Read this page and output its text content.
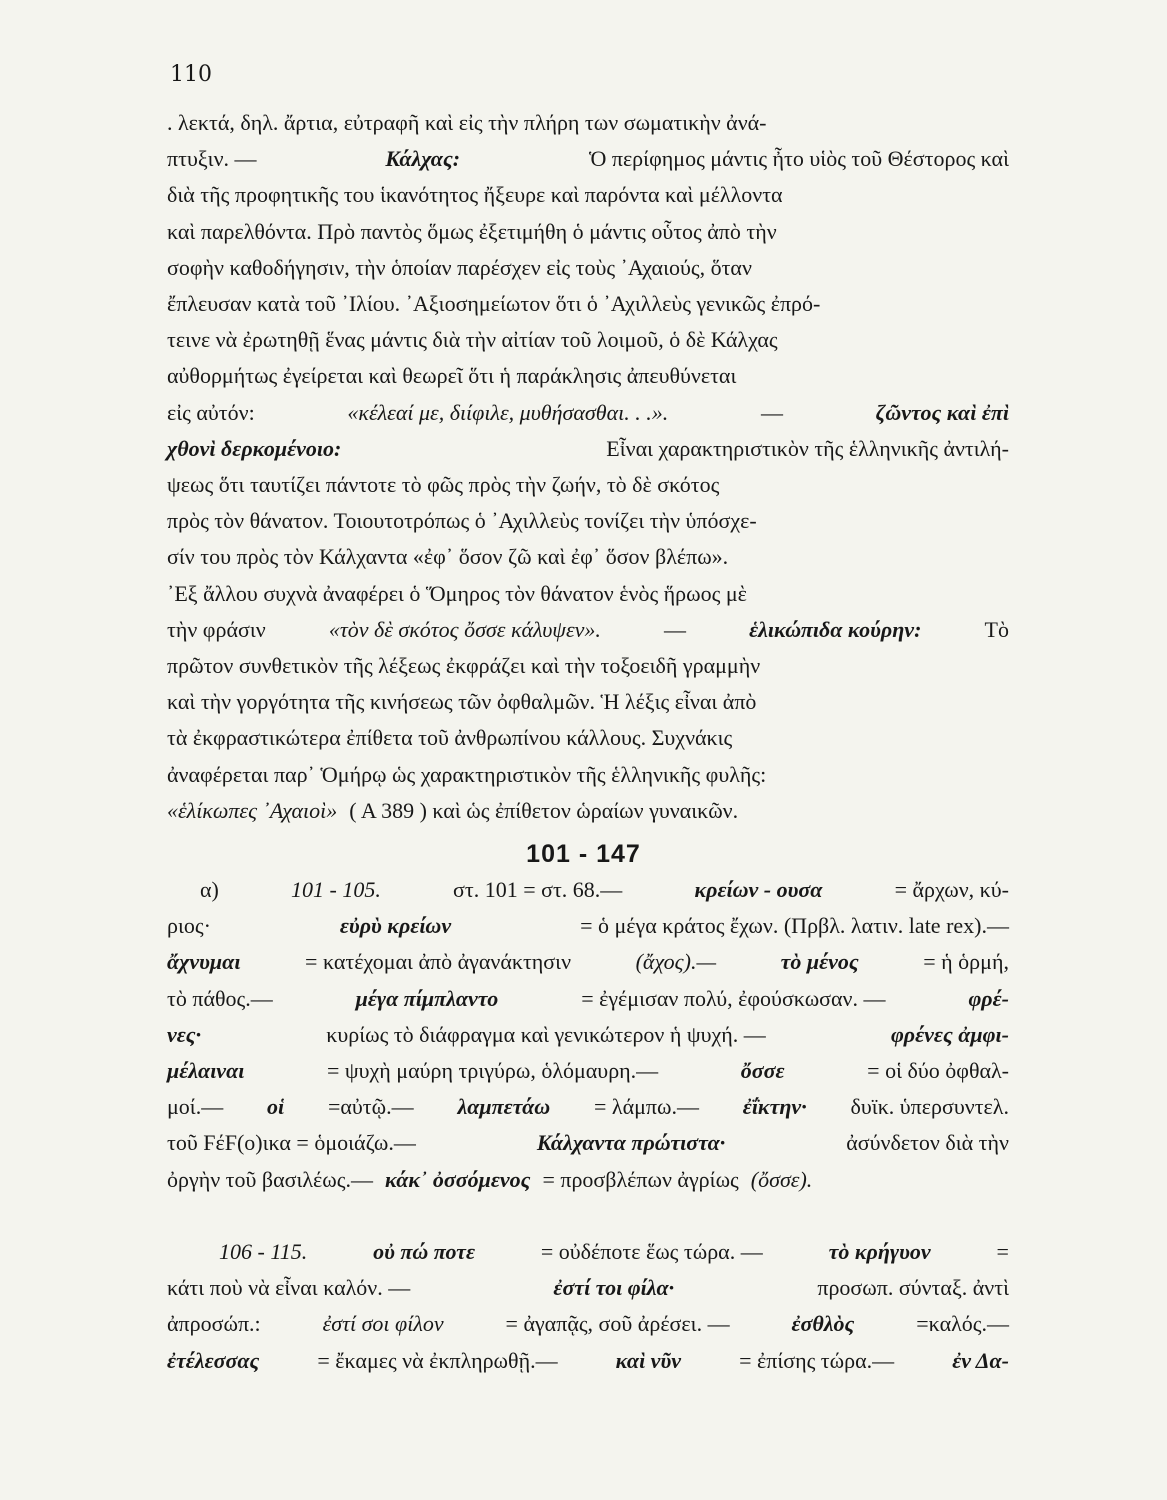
110
. λεκτά, δηλ. ἄρτια, εὐτραφῆ καὶ εἰς τὴν πλήρη των σωματικὴν ἀνά-
πτυξιν. —	Κάλχας:	Ὁ περίφημος μάντις ἦτο υἱὸς τοῦ Θέστορος καὶ
διὰ τῆς προφητικῆς του ἱκανότητος ἤξευρε καὶ παρόντα καὶ μέλλοντα
καὶ παρελθόντα. Πρὸ παντὸς ὅμως ἐξετιμήθη ὁ μάντις οὗτος ἀπὸ τὴν
σοφὴν καθοδήγησιν, τὴν ὁποίαν παρέσχεν εἰς τοὺς ᾿Αχαιούς, ὅταν
ἔπλευσαν κατὰ τοῦ ᾿Ιλίου. ᾿Αξιοσημείωτον ὅτι ὁ ᾿Αχιλλεὺς γενικῶς ἐπρό-
τεινε νὰ ἐρωτηθῇ ἕνας μάντις διὰ τὴν αἰτίαν τοῦ λοιμοῦ, ὁ δὲ Κάλχας
αὐθορμήτως ἐγείρεται καὶ θεωρεῖ ὅτι ἡ παράκλησις ἀπευθύνεται
εἰς αὐτόν:	«κέλεαί με, διίφιλε, μυθήσασθαι. . .».	—	ζῶντος καὶ ἐπὶ
χθονὶ δερκομένοιο:	Εἶναι χαρακτηριστικὸν τῆς ἑλληνικῆς ἀντιλή-
ψεως ὅτι ταυτίζει πάντοτε τὸ φῶς πρὸς τὴν ζωήν, τὸ δὲ σκότος
πρὸς τὸν θάνατον. Τοιουτοτρόπως ὁ ᾿Αχιλλεὺς τονίζει τὴν ὑπόσχε-
σίν του πρὸς τὸν Κάλχαντα «ἐφ᾿ ὅσον ζῶ καὶ ἐφ᾿ ὅσον βλέπω».
᾿Εξ ἄλλου συχνὰ ἀναφέρει ὁ Ὅμηρος τὸν θάνατον ἑνὸς ἥρωος μὲ
τὴν φράσιν	«τὸν δὲ σκότος ὄσσε κάλυψεν».	—	ἑλικώπιδα κούρην:	Τὸ
πρῶτον συνθετικὸν τῆς λέξεως ἐκφράζει καὶ τὴν τοξοειδῆ γραμμὴν
καὶ τὴν γοργότητα τῆς κινήσεως τῶν ὀφθαλμῶν. Ἡ λέξις εἶναι ἀπὸ
τὰ ἐκφραστικώτερα ἐπίθετα τοῦ ἀνθρωπίνου κάλλους. Συχνάκις
ἀναφέρεται παρ᾿ Ὁμήρῳ ὡς χαρακτηριστικὸν τῆς ἑλληνικῆς φυλῆς:
«ἑλίκωπες ᾿Αχαιοὶ» ( Α 389 ) καὶ ὡς ἐπίθετον ὡραίων γυναικῶν.
101 - 147
α)	101 - 105.	στ. 101 = στ. 68.—	κρείων - ουσα	= ἄρχων, κύ-
ριος·	εὐρὺ κρείων	= ὁ μέγα κράτος ἔχων. (Πρβλ. λατιν. late rex).—
ἄχνυμαι	= κατέχομαι ἀπὸ ἀγανάκτησιν	(ἄχος).—	τὸ μένος	= ἡ ὁρμή,
τὸ πάθος.—	μέγα πίμπλαντο	= ἐγέμισαν πολύ, ἐφούσκωσαν. —	φρέ-
νες·	κυρίως τὸ διάφραγμα καὶ γενικώτερον ἡ ψυχή. —	φρένες ἀμφι-
μέλαιναι	= ψυχὴ μαύρη τριγύρω, ὁλόμαυρη.—	ὄσσε	= οἱ δύο ὀφθαλ-
μοί.— οἱ =αὐτῷ.— λαμπετάω = λάμπω.— ἐΐκτην· δυϊκ. ὑπερσυντελ.
τοῦ ϜέϜ(ο)ικα = ὁμοιάζω.—	Κάλχαντα πρώτιστα·	ἀσύνδετον διὰ τὴν
ὀργὴν τοῦ βασιλέως.— κάκ᾿ ὀσσόμενος = προσβλέπων ἀγρίως (ὄσσε).
106 - 115.	οὐ πώ ποτε	= οὐδέποτε ἕως τώρα. —	τὸ κρήγυον	=
κάτι ποὺ νὰ εἶναι καλόν. —	ἐστί τοι φίλα·	προσωπ. σύνταξ. ἀντὶ
ἀπροσώπ.:	ἐστί σοι φίλον	= ἀγαπᾷς, σοῦ ἀρέσει. —	ἐσθλὸς	=καλός.—
ἐτέλεσσας	= ἔκαμες νὰ ἐκπληρωθῇ.—	καὶ νῦν	= ἐπίσης τώρα.—	ἐν Δα-
